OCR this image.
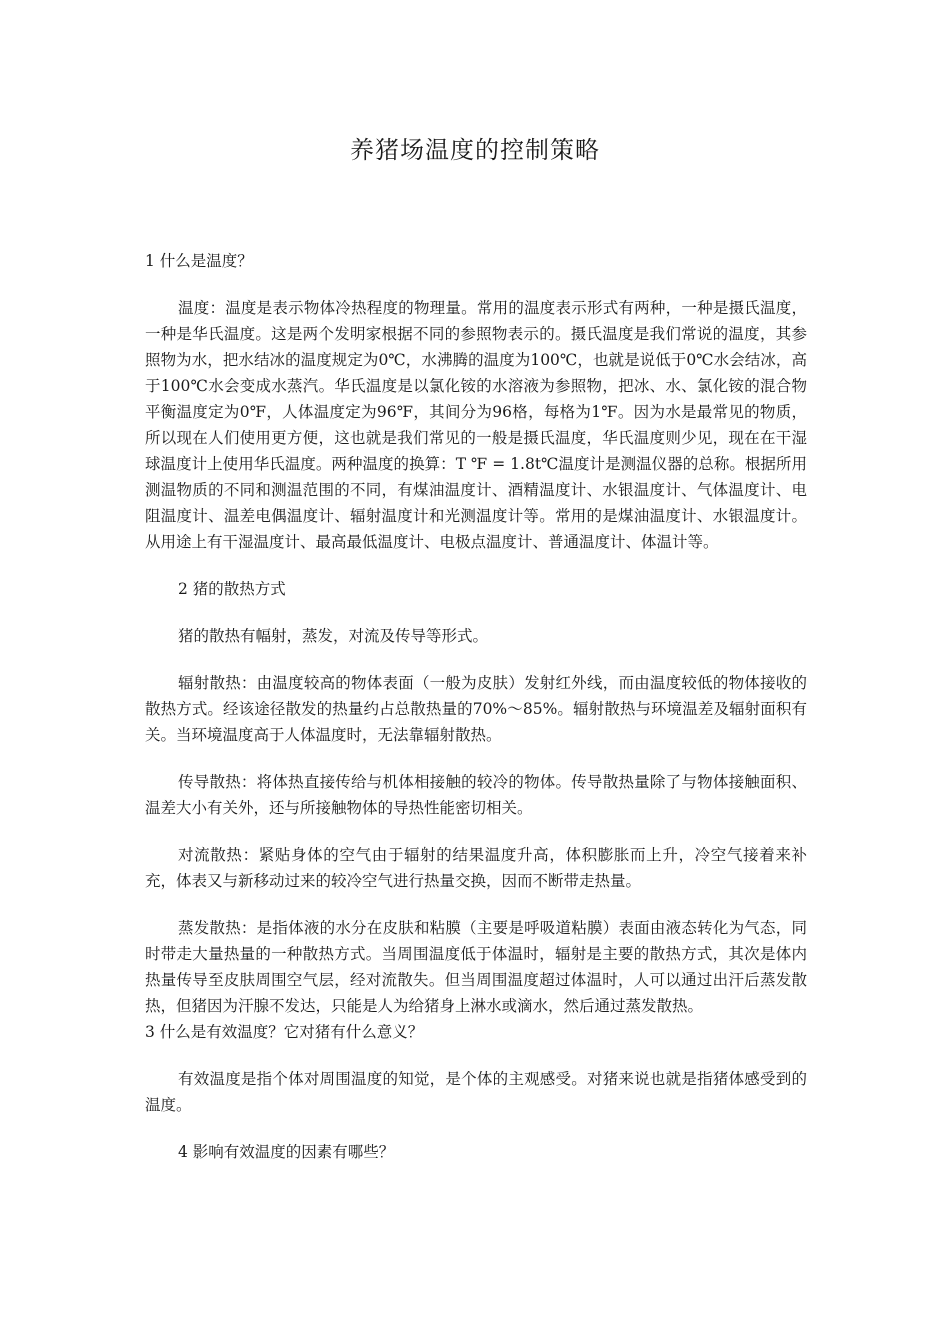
养猪场温度的控制策略

1 什么是温度？

温度：温度是表示物体冷热程度的物理量。常用的温度表示形式有两种，一种是摄氏温度，一种是华氏温度。这是两个发明家根据不同的参照物表示的。摄氏温度是我们常说的温度，其参照物为水，把水结冰的温度规定为0℃，水沸腾的温度为100℃，也就是说低于0℃水会结冰，高于100℃水会变成水蒸汽。华氏温度是以氯化铵的水溶液为参照物，把冰、水、氯化铵的混合物平衡温度定为0℉，人体温度定为96℉，其间分为96格，每格为1℉。因为水是最常见的物质，所以现在人们使用更方便，这也就是我们常见的一般是摄氏温度，华氏温度则少见，现在在干湿球温度计上使用华氏温度。两种温度的换算：T ℉ = 1.8t℃温度计是测温仪器的总称。根据所用测温物质的不同和测温范围的不同，有煤油温度计、酒精温度计、水银温度计、气体温度计、电阻温度计、温差电偶温度计、辐射温度计和光测温度计等。常用的是煤油温度计、水银温度计。从用途上有干湿温度计、最高最低温度计、电极点温度计、普通温度计、体温计等。

2 猪的散热方式

猪的散热有幅射，蒸发，对流及传导等形式。

辐射散热：由温度较高的物体表面（一般为皮肤）发射红外线，而由温度较低的物体接收的散热方式。经该途径散发的热量约占总散热量的70%～85%。辐射散热与环境温差及辐射面积有关。当环境温度高于人体温度时，无法靠辐射散热。

传导散热：将体热直接传给与机体相接触的较冷的物体。传导散热量除了与物体接触面积、温差大小有关外，还与所接触物体的导热性能密切相关。

对流散热：紧贴身体的空气由于辐射的结果温度升高，体积膨胀而上升，冷空气接着来补充，体表又与新移动过来的较冷空气进行热量交换，因而不断带走热量。

蒸发散热：是指体液的水分在皮肤和粘膜（主要是呼吸道粘膜）表面由液态转化为气态，同时带走大量热量的一种散热方式。当周围温度低于体温时，辐射是主要的散热方式，其次是体内热量传导至皮肤周围空气层，经对流散失。但当周围温度超过体温时，人可以通过出汗后蒸发散热，但猪因为汗腺不发达，只能是人为给猪身上淋水或滴水，然后通过蒸发散热。

3 什么是有效温度？它对猪有什么意义？

有效温度是指个体对周围温度的知觉，是个体的主观感受。对猪来说也就是指猪体感受到的温度。

4 影响有效温度的因素有哪些？
